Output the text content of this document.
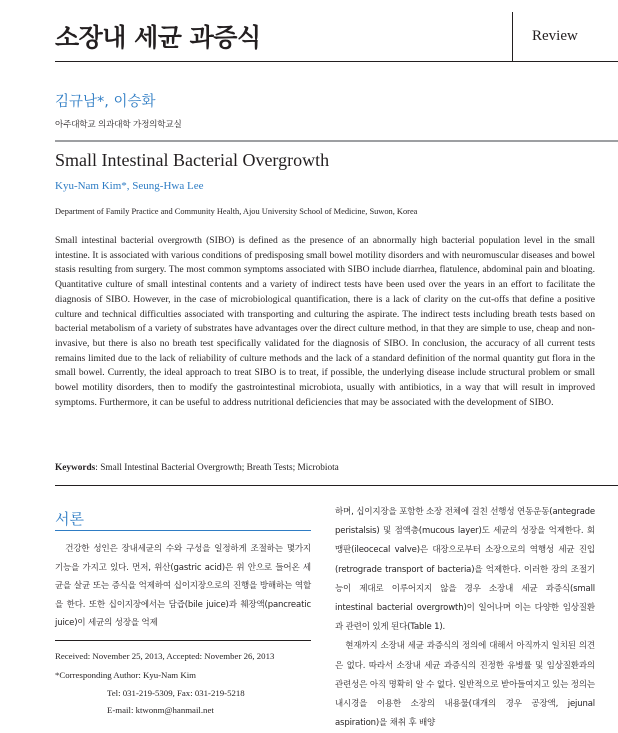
소장내 세균 과증식	Review
김규남*, 이승화
아주대학교 의과대학 가정의학교실
Small Intestinal Bacterial Overgrowth
Kyu-Nam Kim*, Seung-Hwa Lee
Department of Family Practice and Community Health, Ajou University School of Medicine, Suwon, Korea
Small intestinal bacterial overgrowth (SIBO) is defined as the presence of an abnormally high bacterial population level in the small intestine. It is associated with various conditions of predisposing small bowel motility disorders and with neuromuscular diseases and bowel stasis resulting from surgery. The most common symptoms associated with SIBO include diarrhea, flatulence, abdominal pain and bloating. Quantitative culture of small intestinal contents and a variety of indirect tests have been used over the years in an effort to facilitate the diagnosis of SIBO. However, in the case of microbiological quantification, there is a lack of clarity on the cut-offs that define a positive culture and technical difficulties associated with transporting and culturing the aspirate. The indirect tests including breath tests based on bacterial metabolism of a variety of substrates have advantages over the direct culture method, in that they are simple to use, cheap and non-invasive, but there is also no breath test specifically validated for the diagnosis of SIBO. In conclusion, the accuracy of all current tests remains limited due to the lack of reliability of culture methods and the lack of a standard definition of the normal quantity gut flora in the small bowel. Currently, the ideal approach to treat SIBO is to treat, if possible, the underlying disease include structural problem or small bowel motility disorders, then to modify the gastrointestinal microbiota, usually with antibiotics, in a way that will result in improved symptoms. Furthermore, it can be useful to address nutritional deficiencies that may be associated with the development of SIBO.
Keywords: Small Intestinal Bacterial Overgrowth; Breath Tests; Microbiota
서론
건강한 성인은 장내세균의 수와 구성을 일정하게 조절하는 몇가지 기능을 가지고 있다. 먼저, 위산(gastric acid)은 위 안으로 들어온 세균을 살균 또는 증식을 억제하여 십이지장으로의 진행을 방해하는 역할을 한다. 또한 십이지장에서는 담즙(bile juice)과 췌장액(pancreatic juice)이 세균의 성장을 억제
Received: November 25, 2013, Accepted: November 26, 2013
*Corresponding Author: Kyu-Nam Kim
Tel: 031-219-5309, Fax: 031-219-5218
E-mail: ktwonm@hanmail.net

하며, 십이지장을 포함한 소장 전체에 걸친 선행성 연동운동(antegrade peristalsis) 및 점액층(mucous layer)도 세균의 성장을 억제한다. 회맹판(ileocecal valve)은 대장으로부터 소장으로의 역행성 세균 진입(retrograde transport of bacteria)을 억제한다. 이러한 장의 조절기능이 제대로 이루어지지 않을 경우 소장내 세균 과증식(small intestinal bacterial overgrowth)이 일어나며 이는 다양한 임상질환과 관련이 있게 된다(Table 1).

현재까지 소장내 세균 과증식의 정의에 대해서 아직까지 일치된 의견은 없다. 따라서 소장내 세균 과증식의 진정한 유병률 및 임상질환과의 관련성은 아직 명확히 알 수 없다. 일반적으로 받아들여지고 있는 정의는 내시경을 이용한 소장의 내용물(대개의 경우 공장액, jejunal aspiration)을 채취 후 배양
